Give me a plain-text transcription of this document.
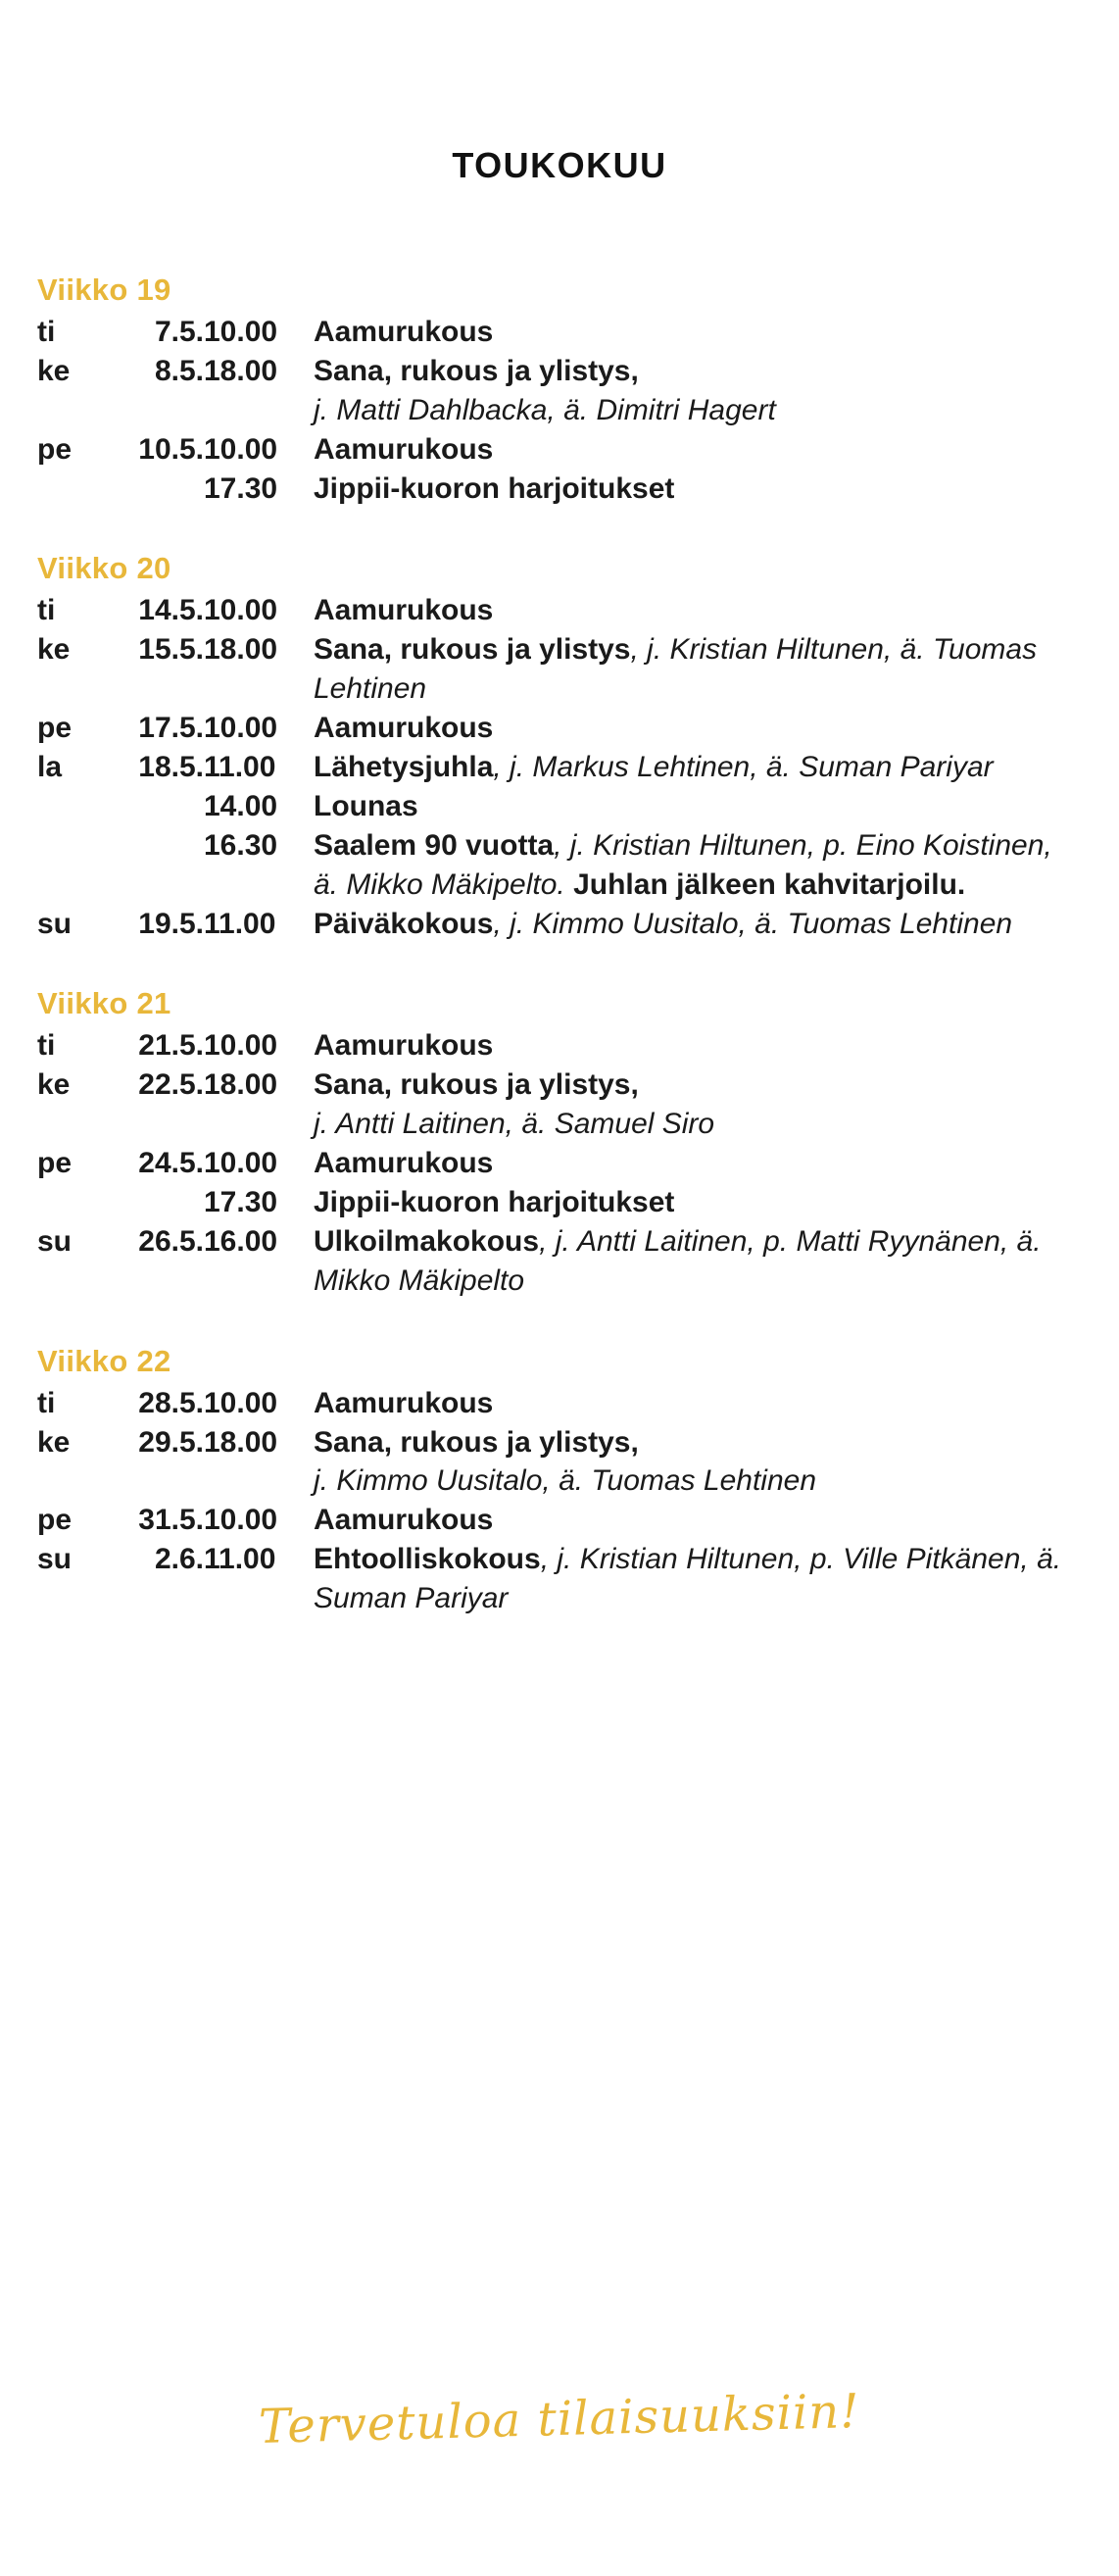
TOUKOKUU
Viikko 19
ti	7.5.	10.00	Aamurukous
ke	8.5.	18.00	Sana, rukous ja ylistys,
j. Matti Dahlbacka, ä. Dimitri Hagert
pe	10.5.	10.00	Aamurukous
		17.30	Jippii-kuoron harjoitukset
Viikko 20
ti	14.5.	10.00	Aamurukous
ke	15.5.	18.00	Sana, rukous ja ylistys, j. Kristian Hiltunen, ä. Tuomas Lehtinen
pe	17.5.	10.00	Aamurukous
la	18.5.	11.00	Lähetysjuhla, j. Markus Lehtinen, ä. Suman Pariyar
		14.00	Lounas
		16.30	Saalem 90 vuotta, j. Kristian Hiltunen, p. Eino Koistinen, ä. Mikko Mäkipelto. Juhlan jälkeen kahvitarjoilu.
su	19.5.	11.00	Päiväkokous, j. Kimmo Uusitalo, ä. Tuomas Lehtinen
Viikko 21
ti	21.5.	10.00	Aamurukous
ke	22.5.	18.00	Sana, rukous ja ylistys,
j. Antti Laitinen, ä. Samuel Siro
pe	24.5.	10.00	Aamurukous
		17.30	Jippii-kuoron harjoitukset
su	26.5.	16.00	Ulkoilmakokous, j. Antti Laitinen, p. Matti Ryynänen, ä. Mikko Mäkipelto
Viikko 22
ti	28.5.	10.00	Aamurukous
ke	29.5.	18.00	Sana, rukous ja ylistys,
j. Kimmo Uusitalo, ä. Tuomas Lehtinen
pe	31.5.	10.00	Aamurukous
su	2.6.	11.00	Ehtoolliskokous, j. Kristian Hiltunen, p. Ville Pitkänen, ä. Suman Pariyar
Tervetuloa tilaisuuksiin!
